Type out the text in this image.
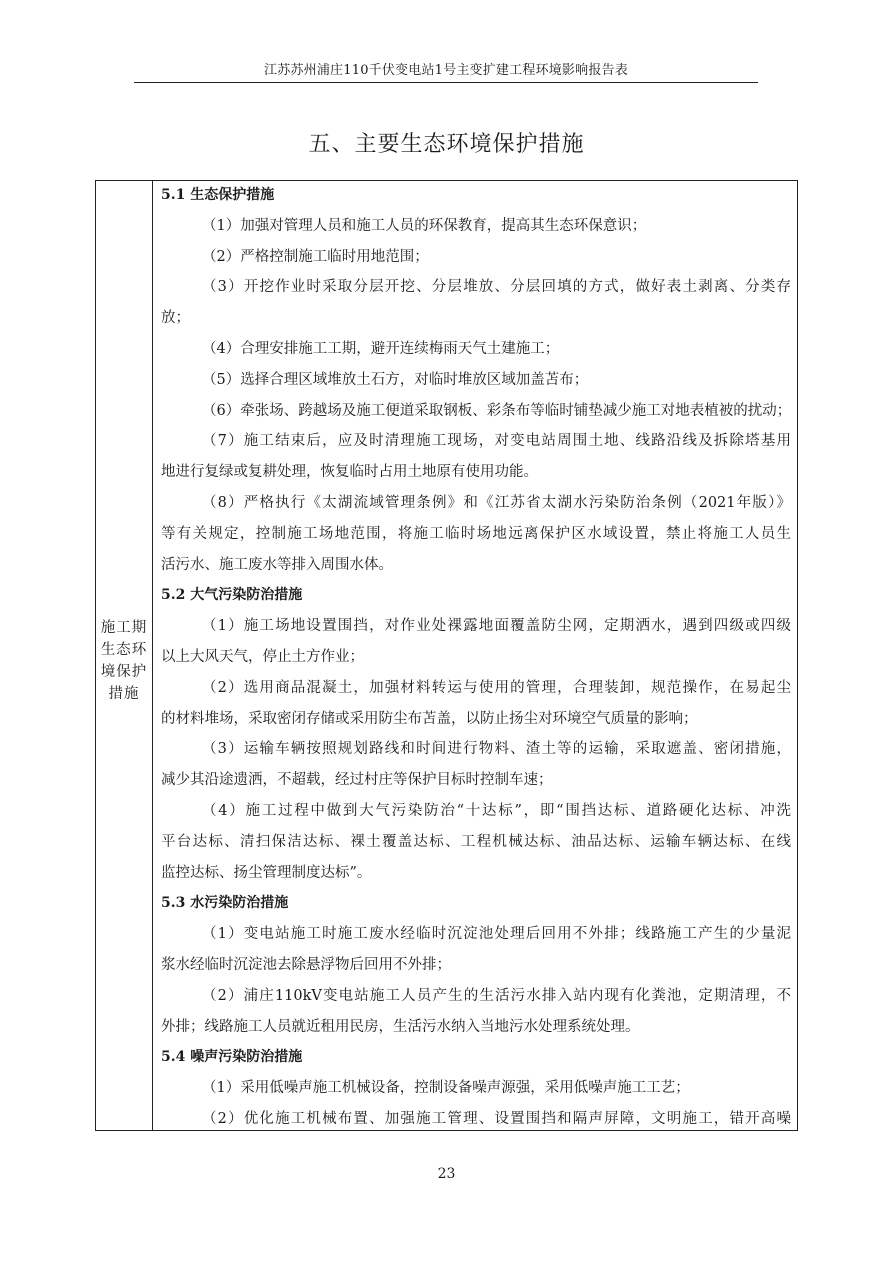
江苏苏州浦庄110千伏变电站1号主变扩建工程环境影响报告表
五、主要生态环境保护措施
施工期
生态环
境保护
措施
5.1 生态保护措施
（1）加强对管理人员和施工人员的环保教育，提高其生态环保意识；
（2）严格控制施工临时用地范围；
（3）开挖作业时采取分层开挖、分层堆放、分层回填的方式，做好表土剥离、分类存
放；
（4）合理安排施工工期，避开连续梅雨天气土建施工；
（5）选择合理区域堆放土石方，对临时堆放区域加盖苫布；
（6）牵张场、跨越场及施工便道采取钢板、彩条布等临时铺垫减少施工对地表植被的扰动；
（7）施工结束后，应及时清理施工现场，对变电站周围土地、线路沿线及拆除塔基用
地进行复绿或复耕处理，恢复临时占用土地原有使用功能。
（8）严格执行《太湖流域管理条例》和《江苏省太湖水污染防治条例（2021年版）》
等有关规定，控制施工场地范围，将施工临时场地远离保护区水域设置，禁止将施工人员生
活污水、施工废水等排入周围水体。
5.2 大气污染防治措施
（1）施工场地设置围挡，对作业处裸露地面覆盖防尘网，定期洒水，遇到四级或四级
以上大风天气，停止土方作业；
（2）选用商品混凝土，加强材料转运与使用的管理，合理装卸，规范操作，在易起尘
的材料堆场，采取密闭存储或采用防尘布苫盖，以防止扬尘对环境空气质量的影响；
（3）运输车辆按照规划路线和时间进行物料、渣土等的运输，采取遮盖、密闭措施，
减少其沿途遗洒，不超载，经过村庄等保护目标时控制车速；
（4）施工过程中做到大气污染防治“十达标”，即“围挡达标、道路硬化达标、冲洗
平台达标、清扫保洁达标、裸土覆盖达标、工程机械达标、油品达标、运输车辆达标、在线
监控达标、扬尘管理制度达标”。
5.3 水污染防治措施
（1）变电站施工时施工废水经临时沉淀池处理后回用不外排；线路施工产生的少量泥
浆水经临时沉淀池去除悬浮物后回用不外排；
（2）浦庄110kV变电站施工人员产生的生活污水排入站内现有化粪池，定期清理，不
外排；线路施工人员就近租用民房，生活污水纳入当地污水处理系统处理。
5.4 噪声污染防治措施
（1）采用低噪声施工机械设备，控制设备噪声源强，采用低噪声施工工艺；
（2）优化施工机械布置、加强施工管理、设置围挡和隔声屏障，文明施工，错开高噪
23
